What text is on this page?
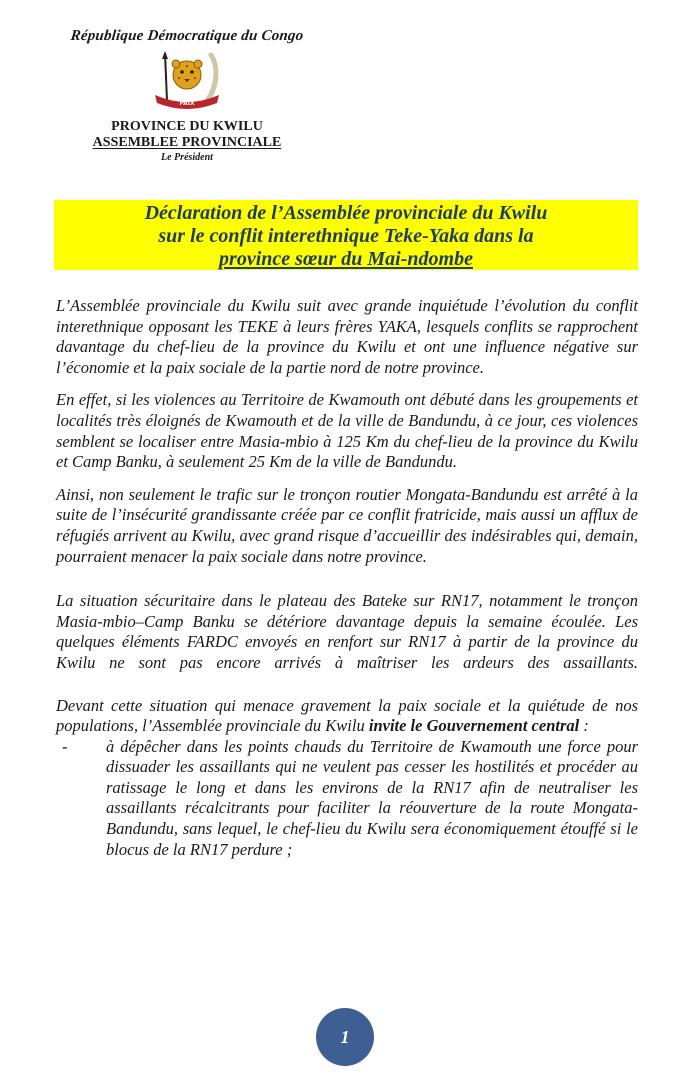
République Démocratique du Congo
PAIX
PROVINCE DU KWILU
ASSEMBLEE PROVINCIALE
Le Président
Déclaration de l’Assemblée provinciale du Kwilu
sur le conflit interethnique Teke-Yaka dans la
province sœur du Mai-ndombe

L’Assemblée provinciale du Kwilu suit avec grande inquiétude l’évolution du conflit interethnique opposant les TEKE à leurs frères YAKA, lesquels conflits se rapprochent davantage du chef-lieu de la province du Kwilu et ont une influence négative sur l’économie et la paix sociale de la partie nord de notre province.

En effet, si les violences au Territoire de Kwamouth ont débuté dans les groupements et localités très éloignés de Kwamouth et de la ville de Bandundu, à ce jour, ces violences semblent se localiser entre Masia-mbio à 125 Km du chef-lieu de la province du Kwilu et Camp Banku, à seulement 25 Km de la ville de Bandundu.

Ainsi, non seulement le trafic sur le tronçon routier Mongata-Bandundu est arrêté à la suite de l’insécurité grandissante créée par ce conflit fratricide, mais aussi un afflux de réfugiés arrivent au Kwilu, avec grand risque d’accueillir des indésirables qui, demain, pourraient menacer la paix sociale dans notre province.

La situation sécuritaire dans le plateau des Bateke sur RN17, notamment le tronçon Masia-mbio–Camp Banku se détériore davantage depuis la semaine écoulée. Les quelques éléments FARDC envoyés en renfort sur RN17 à partir de la province du Kwilu ne sont pas encore arrivés à maîtriser les ardeurs des assaillants.

Devant cette situation qui menace gravement la paix sociale et la quiétude de nos populations, l’Assemblée provinciale du Kwilu invite le Gouvernement central :

-	à dépêcher dans les points chauds du Territoire de Kwamouth une force pour dissuader les assaillants qui ne veulent pas cesser les hostilités et procéder au ratissage le long et dans les environs de la RN17 afin de neutraliser les assaillants récalcitrants pour faciliter la réouverture de la route Mongata-Bandundu, sans lequel, le chef-lieu du Kwilu sera économiquement étouffé si le blocus de la RN17 perdure ;
1
